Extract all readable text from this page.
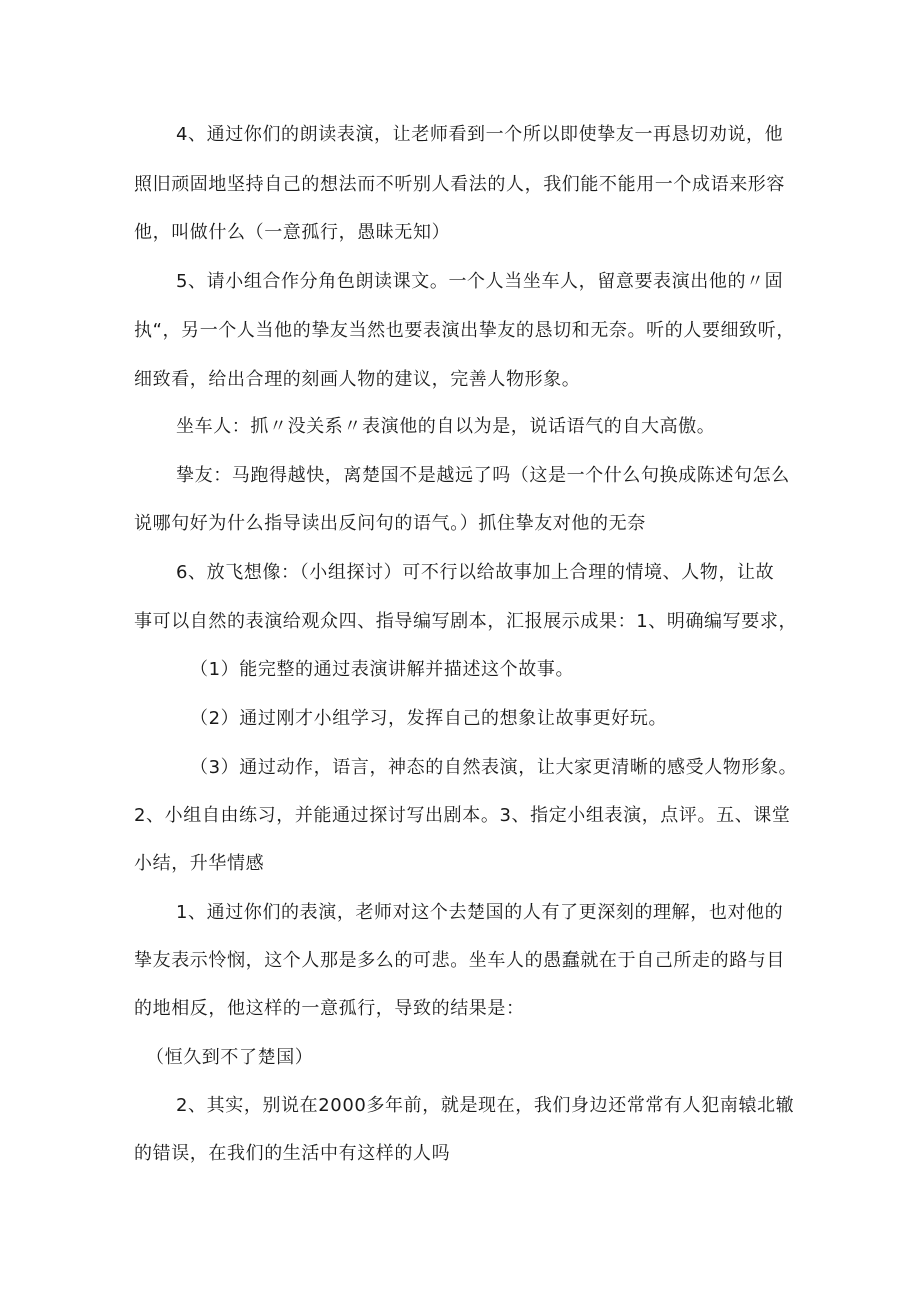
4、通过你们的朗读表演，让老师看到一个所以即使挚友一再恳切劝说，他
照旧顽固地坚持自己的想法而不听别人看法的人，我们能不能用一个成语来形容
他，叫做什么（一意孤行，愚昧无知）
5、请小组合作分角色朗读课文。一个人当坐车人，留意要表演出他的〃固
执“，另一个人当他的挚友当然也要表演出挚友的恳切和无奈。听的人要细致听，
细致看，给出合理的刻画人物的建议，完善人物形象。
坐车人：抓〃没关系〃表演他的自以为是，说话语气的自大高傲。
挚友：马跑得越快，离楚国不是越远了吗（这是一个什么句换成陈述句怎么
说哪句好为什么指导读出反问句的语气。）抓住挚友对他的无奈
6、放飞想像：（小组探讨）可不行以给故事加上合理的情境、人物，让故
事可以自然的表演给观众四、指导编写剧本，汇报展示成果：1、明确编写要求，
（1）能完整的通过表演讲解并描述这个故事。
（2）通过刚才小组学习，发挥自己的想象让故事更好玩。
（3）通过动作，语言，神态的自然表演，让大家更清晰的感受人物形象。
2、小组自由练习，并能通过探讨写出剧本。3、指定小组表演，点评。五、课堂
小结，升华情感
1、通过你们的表演，老师对这个去楚国的人有了更深刻的理解，也对他的
挚友表示怜悯，这个人那是多么的可悲。坐车人的愚蠢就在于自己所走的路与目
的地相反，他这样的一意孤行，导致的结果是：
（恒久到不了楚国）
2、其实，别说在2000多年前，就是现在，我们身边还常常有人犯南辕北辙
的错误，在我们的生活中有这样的人吗
